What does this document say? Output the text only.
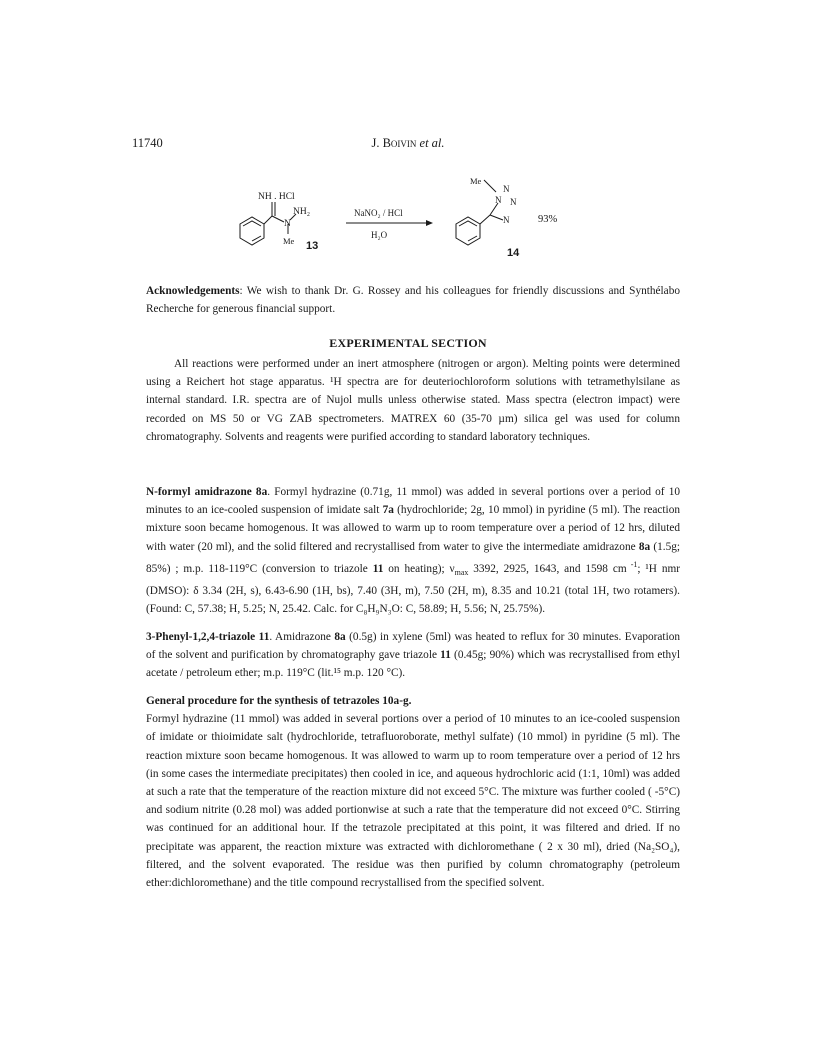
11740	J. Boivin et al.
NH . HCl
N
NH₂
Me 13
NaNO₂ / HCl
H₂O
Me
N
N
N
N	93%
14

Acknowledgements: We wish to thank Dr. G. Rossey and his colleagues for friendly discussions and Synthélabo Recherche for generous financial support.

EXPERIMENTAL SECTION

All reactions were performed under an inert atmosphere (nitrogen or argon). Melting points were determined using a Reichert hot stage apparatus. ¹H spectra are for deuteriochloroform solutions with tetramethylsilane as internal standard. I.R. spectra are of Nujol mulls unless otherwise stated. Mass spectra (electron impact) were recorded on MS 50 or VG ZAB spectrometers. MATREX 60 (35-70 µm) silica gel was used for column chromatography. Solvents and reagents were purified according to standard laboratory techniques.

N-formyl amidrazone 8a. Formyl hydrazine (0.71g, 11 mmol) was added in several portions over a period of 10 minutes to an ice-cooled suspension of imidate salt 7a (hydrochloride; 2g, 10 mmol) in pyridine (5 ml). The reaction mixture soon became homogenous. It was allowed to warm up to room temperature over a period of 12 hrs, diluted with water (20 ml), and the solid filtered and recrystallised from water to give the intermediate amidrazone 8a (1.5g; 85%) ; m.p. 118-119°C (conversion to triazole 11 on heating); $\nu_{max}$ 3392, 2925, 1643, and 1598 cm $^{-1}$; ¹H nmr (DMSO): δ 3.34 (2H, s), 6.43-6.90 (1H, bs), 7.40 (3H, m), 7.50 (2H, m), 8.35 and 10.21 (total 1H, two rotamers). (Found: C, 57.38; H, 5.25; N, 25.42. Calc. for C₈H₉N₃O: C, 58.89; H, 5.56; N, 25.75%).

3-Phenyl-1,2,4-triazole 11. Amidrazone 8a (0.5g) in xylene (5ml) was heated to reflux for 30 minutes. Evaporation of the solvent and purification by chromatography gave triazole 11 (0.45g; 90%) which was recrystallised from ethyl acetate / petroleum ether; m.p. 119°C (lit.¹⁵ m.p. 120 °C).

General procedure for the synthesis of tetrazoles 10a-g.

Formyl hydrazine (11 mmol) was added in several portions over a period of 10 minutes to an ice-cooled suspension of imidate or thioimidate salt (hydrochloride, tetrafluoroborate, methyl sulfate) (10 mmol) in pyridine (5 ml). The reaction mixture soon became homogenous. It was allowed to warm up to room temperature over a period of 12 hrs (in some cases the intermediate precipitates) then cooled in ice, and aqueous hydrochloric acid (1:1, 10ml) was added at such a rate that the temperature of the reaction mixture did not exceed 5°C. The mixture was further cooled ( -5°C) and sodium nitrite (0.28 mol) was added portionwise at such a rate that the temperature did not exceed 0°C. Stirring was continued for an additional hour. If the tetrazole precipitated at this point, it was filtered and dried. If no precipitate was apparent, the reaction mixture was extracted with dichloromethane ( 2 x 30 ml), dried (Na₂SO₄), filtered, and the solvent evaporated. The residue was then purified by column chromatography (petroleum ether:dichloromethane) and the title compound recrystallised from the specified solvent.
